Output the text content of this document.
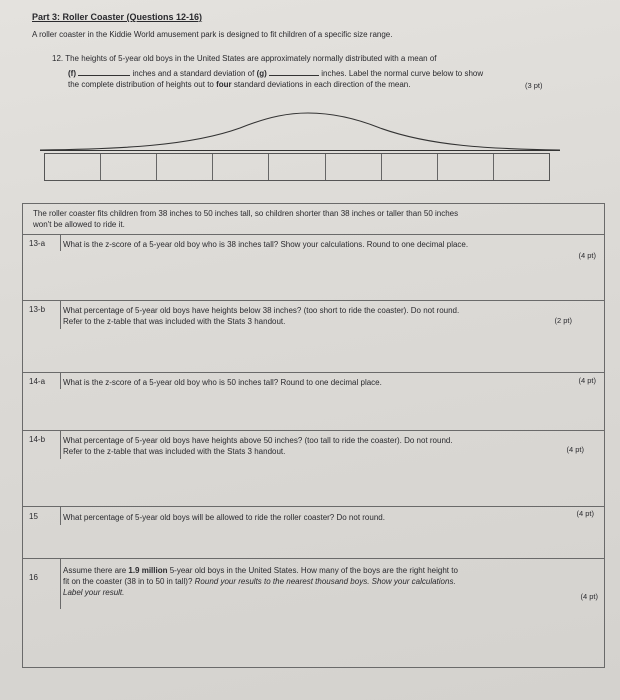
Part 3: Roller Coaster (Questions 12-16)
A roller coaster in the Kiddie World amusement park is designed to fit children of a specific size range.
12. The heights of 5-year old boys in the United States are approximately normally distributed with a mean of
(f)	inches and a standard deviation of (g)	inches. Label the normal curve below to show
the complete distribution of heights out to four standard deviations in each direction of the mean.	(3 pt)
The roller coaster fits children from 38 inches to 50 inches tall, so children shorter than 38 inches or taller than 50 inches
won't be allowed to ride it.
13-a What is the z-score of a 5-year old boy who is 38 inches tall? Show your calculations. Round to one decimal place.
(4 pt)
13-b What percentage of 5-year old boys have heights below 38 inches? (too short to ride the coaster). Do not round.
Refer to the z-table that was included with the Stats 3 handout.	(2 pt)
14-a What is the z-score of a 5-year old boy who is 50 inches tall? Round to one decimal place.	(4 pt)
14-b What percentage of 5-year old boys have heights above 50 inches? (too tall to ride the coaster). Do not round.
Refer to the z-table that was included with the Stats 3 handout.	(4 pt)
15	What percentage of 5-year old boys will be allowed to ride the roller coaster? Do not round.	(4 pt)
16
Assume there are 1.9 million 5-year old boys in the United States. How many of the boys are the right height to
fit on the coaster (38 in to 50 in tall)? Round your results to the nearest thousand boys. Show your calculations.
Label your result.	(4 pt)
